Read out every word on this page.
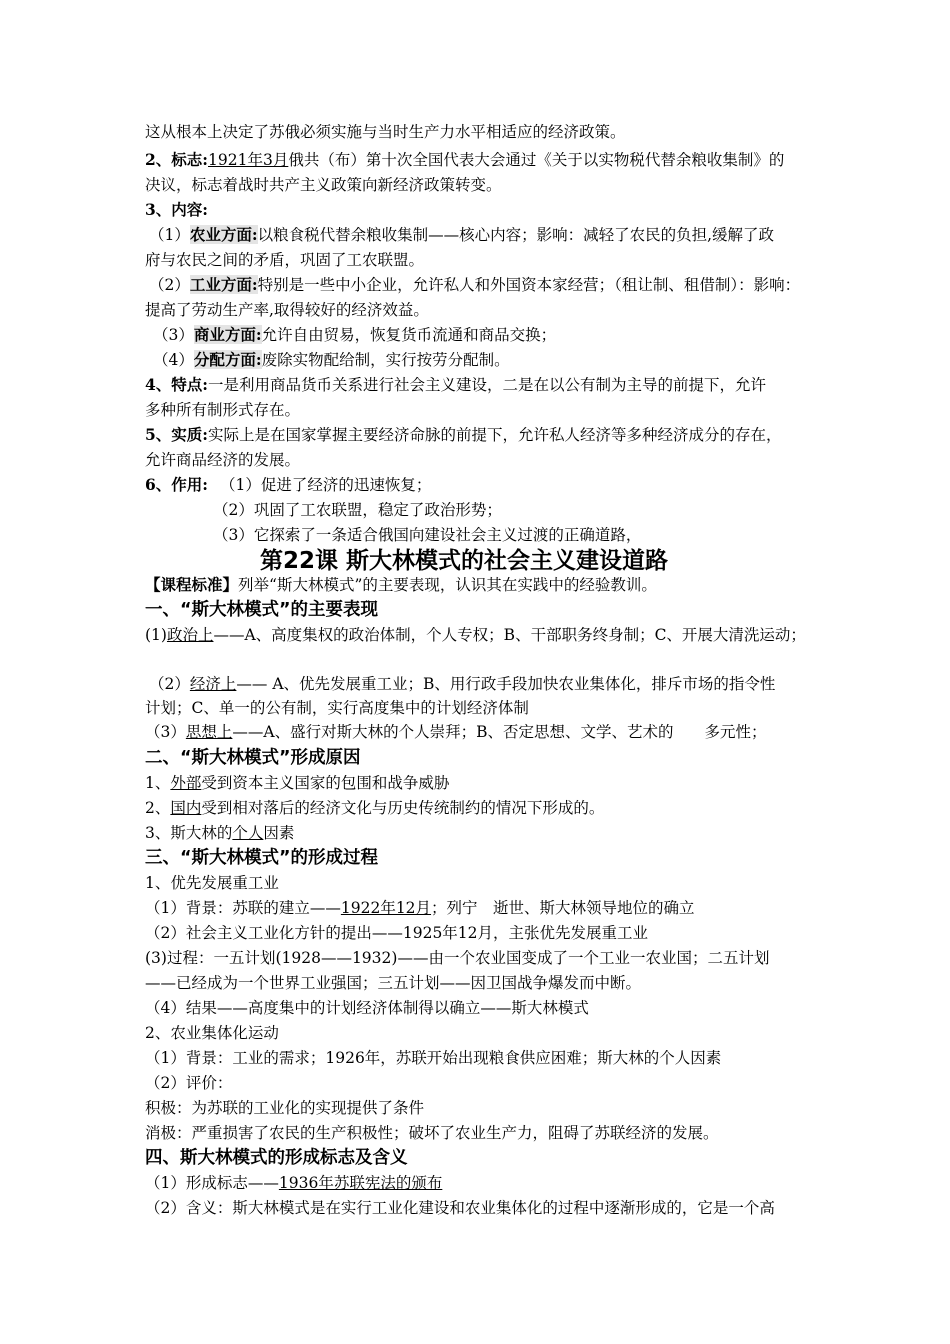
这从根本上决定了苏俄必须实施与当时生产力水平相适应的经济政策。
2、标志:1921年3月俄共（布）第十次全国代表大会通过《关于以实物税代替余粮收集制》的
决议，标志着战时共产主义政策向新经济政策转变。
3、内容:
（1）农业方面:以粮食税代替余粮收集制——核心内容；影响：减轻了农民的负担,缓解了政
府与农民之间的矛盾，巩固了工农联盟。
（2）工业方面:特别是一些中小企业，允许私人和外国资本家经营；（租让制、租借制）：影响：
提高了劳动生产率,取得较好的经济效益。
（3）商业方面:允许自由贸易，恢复货币流通和商品交换；
（4）分配方面:废除实物配给制，实行按劳分配制。
4、特点:一是利用商品货币关系进行社会主义建设，二是在以公有制为主导的前提下，允许
多种所有制形式存在。
5、实质:实际上是在国家掌握主要经济命脉的前提下，允许私人经济等多种经济成分的存在，
允许商品经济的发展。
6、作用: （1）促进了经济的迅速恢复；
（2）巩固了工农联盟，稳定了政治形势；
（3）它探索了一条适合俄国向建设社会主义过渡的正确道路，
第22课 斯大林模式的社会主义建设道路
【课程标准】列举“斯大林模式”的主要表现，认识其在实践中的经验教训。
一、“斯大林模式”的主要表现
(1)政治上——A、高度集权的政治体制，个人专权；B、干部职务终身制；C、开展大清洗运动；
（2）经济上—— A、优先发展重工业；B、用行政手段加快农业集体化，排斥市场的指令性
计划；C、单一的公有制，实行高度集中的计划经济体制
（3）思想上——A、盛行对斯大林的个人崇拜；B、否定思想、文学、艺术的　　多元性；
二、“斯大林模式”形成原因
1、外部受到资本主义国家的包围和战争威胁
2、国内受到相对落后的经济文化与历史传统制约的情况下形成的。
3、斯大林的个人因素
三、“斯大林模式”的形成过程
1、优先发展重工业
（1）背景：苏联的建立——1922年12月；列宁　逝世、斯大林领导地位的确立
（2）社会主义工业化方针的提出——1925年12月，主张优先发展重工业
(3)过程：一五计划(1928——1932)——由一个农业国变成了一个工业一农业国；二五计划
——已经成为一个世界工业强国；三五计划——因卫国战争爆发而中断。
（4）结果——高度集中的计划经济体制得以确立——斯大林模式
2、农业集体化运动
（1）背景：工业的需求；1926年，苏联开始出现粮食供应困难；斯大林的个人因素
（2）评价：
积极：为苏联的工业化的实现提供了条件
消极：严重损害了农民的生产积极性；破坏了农业生产力，阻碍了苏联经济的发展。
四、斯大林模式的形成标志及含义
（1）形成标志——1936年苏联宪法的颁布
（2）含义：斯大林模式是在实行工业化建设和农业集体化的过程中逐渐形成的，它是一个高
